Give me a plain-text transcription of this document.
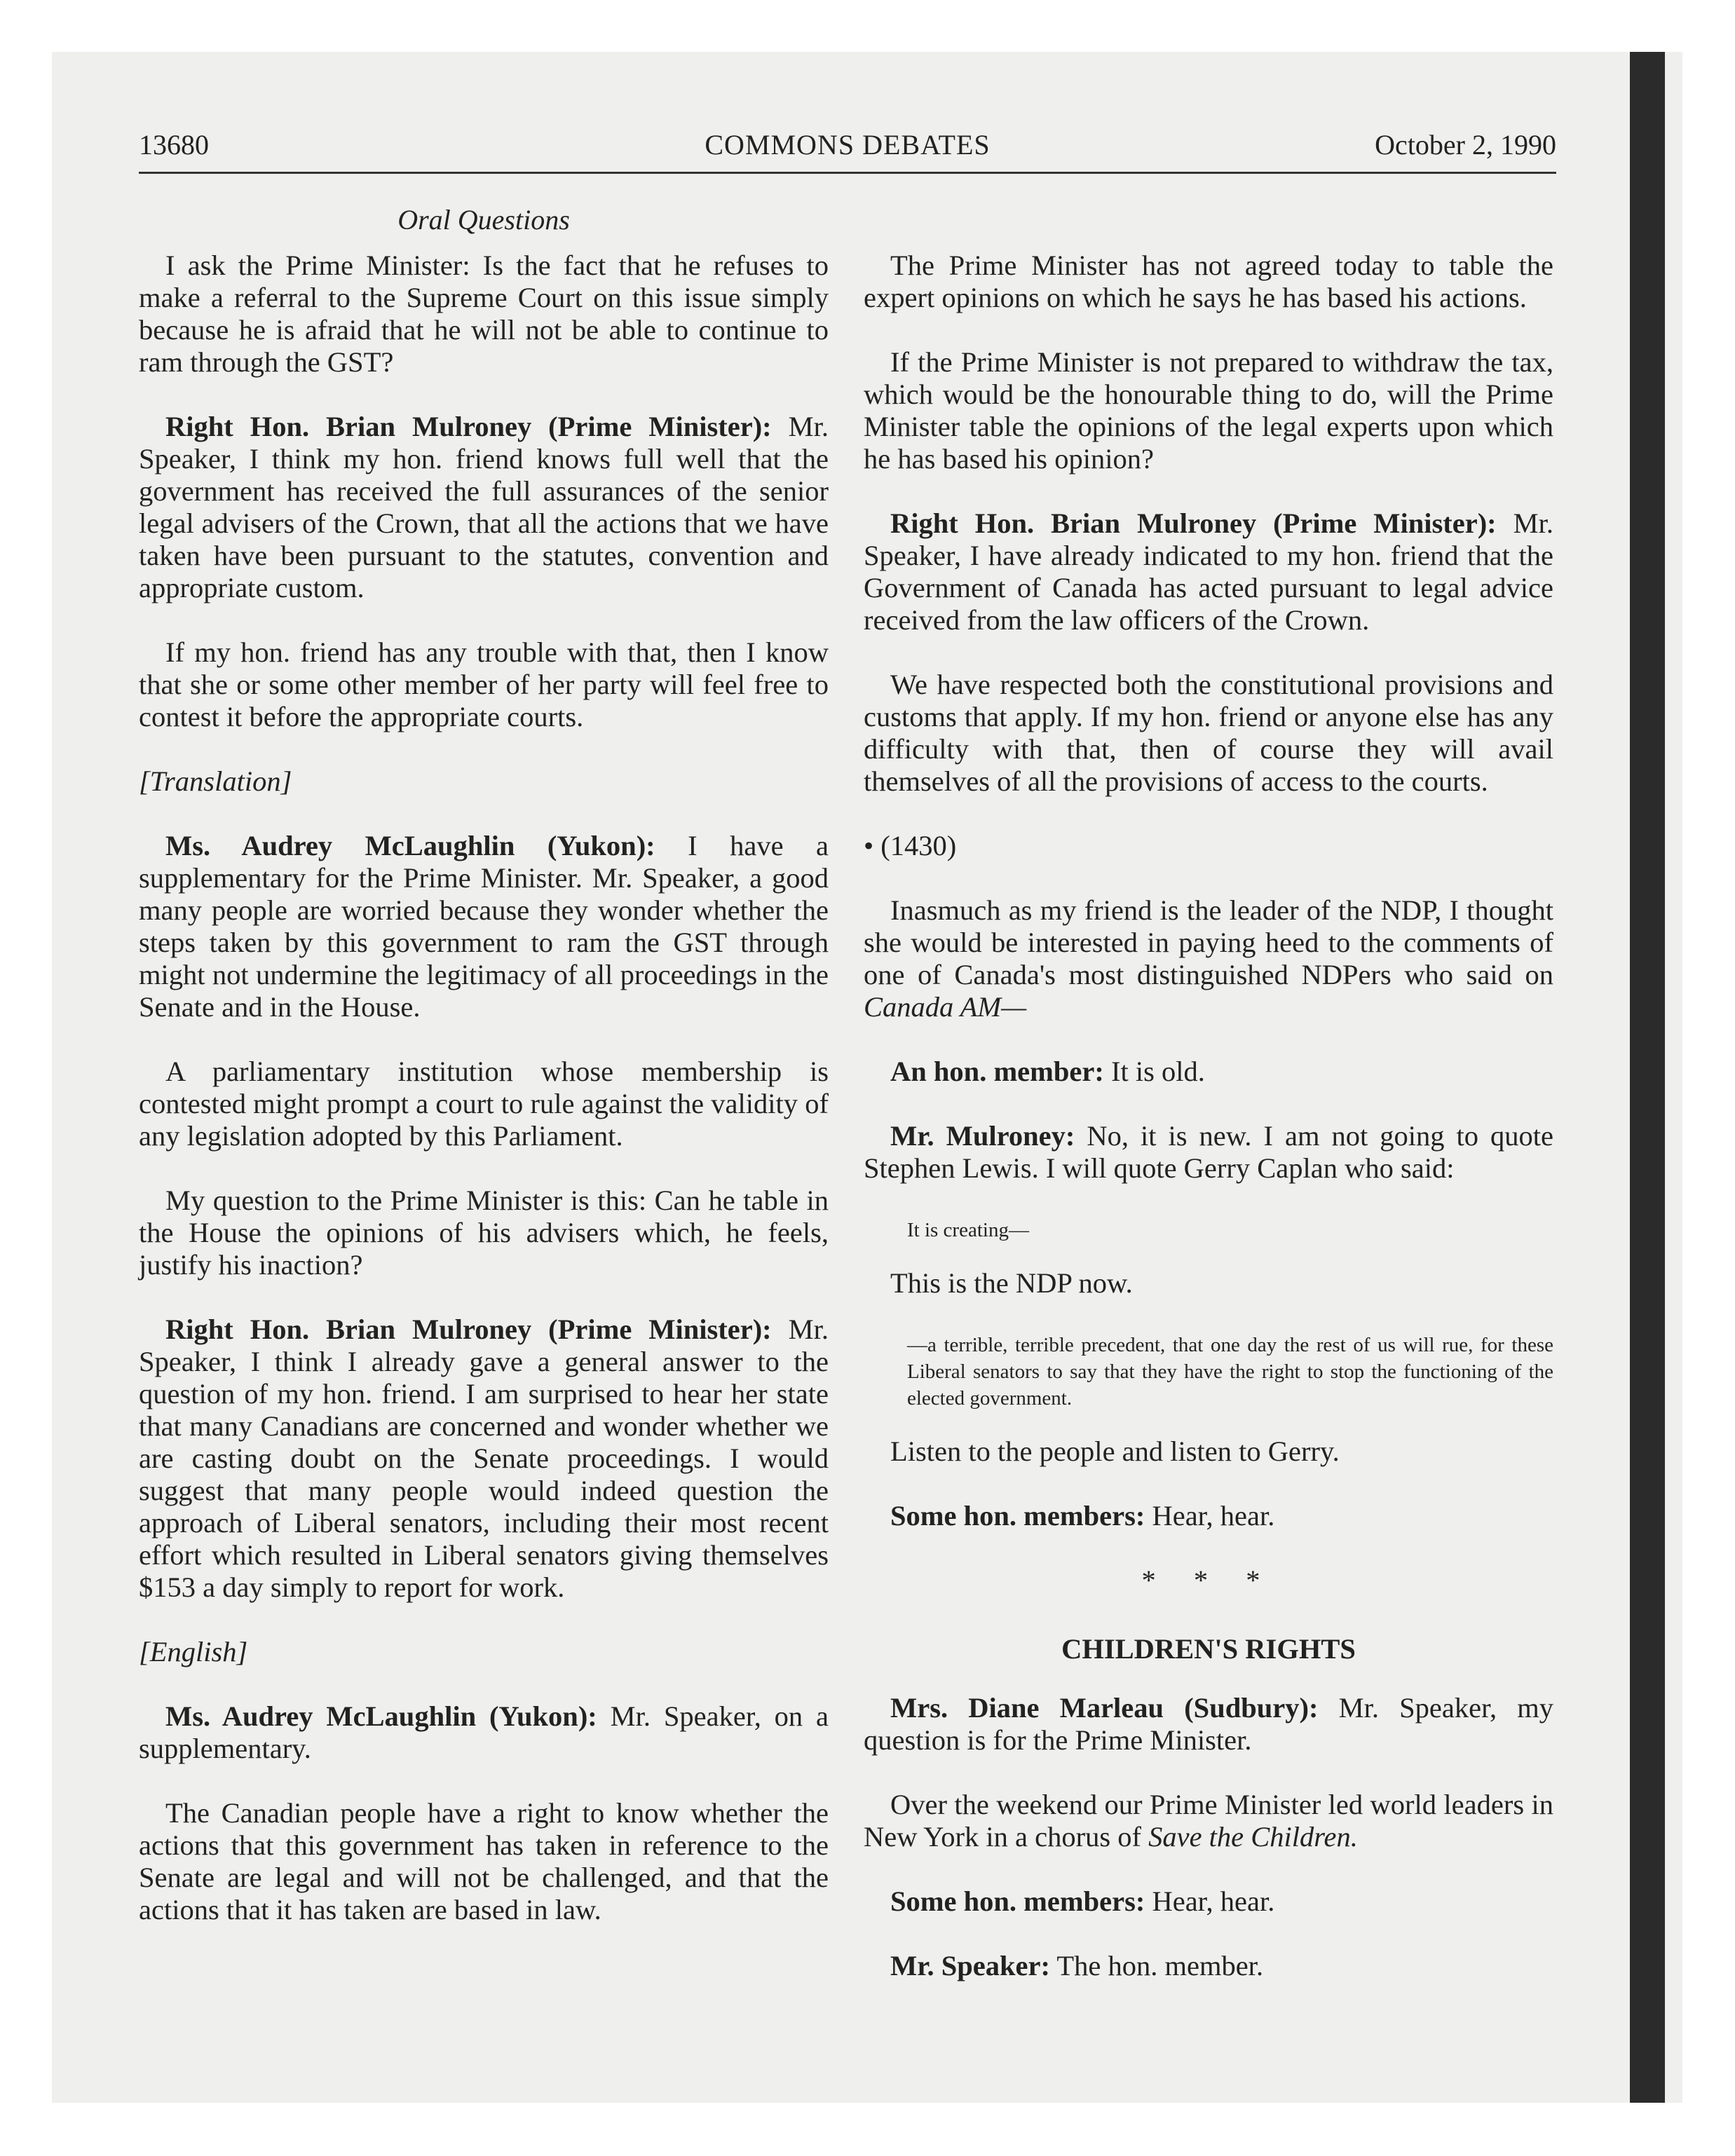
13680	COMMONS DEBATES	October 2, 1990
Oral Questions

I ask the Prime Minister: Is the fact that he refuses to make a referral to the Supreme Court on this issue simply because he is afraid that he will not be able to continue to ram through the GST?

Right Hon. Brian Mulroney (Prime Minister): Mr. Speaker, I think my hon. friend knows full well that the government has received the full assurances of the senior legal advisers of the Crown, that all the actions that we have taken have been pursuant to the statutes, convention and appropriate custom.

If my hon. friend has any trouble with that, then I know that she or some other member of her party will feel free to contest it before the appropriate courts.

[Translation]

Ms. Audrey McLaughlin (Yukon): I have a supplementary for the Prime Minister. Mr. Speaker, a good many people are worried because they wonder whether the steps taken by this government to ram the GST through might not undermine the legitimacy of all proceedings in the Senate and in the House.

A parliamentary institution whose membership is contested might prompt a court to rule against the validity of any legislation adopted by this Parliament.

My question to the Prime Minister is this: Can he table in the House the opinions of his advisers which, he feels, justify his inaction?

Right Hon. Brian Mulroney (Prime Minister): Mr. Speaker, I think I already gave a general answer to the question of my hon. friend. I am surprised to hear her state that many Canadians are concerned and wonder whether we are casting doubt on the Senate proceedings. I would suggest that many people would indeed question the approach of Liberal senators, including their most recent effort which resulted in Liberal senators giving themselves $153 a day simply to report for work.

[English]

Ms. Audrey McLaughlin (Yukon): Mr. Speaker, on a supplementary.

The Canadian people have a right to know whether the actions that this government has taken in reference to the Senate are legal and will not be challenged, and that the actions that it has taken are based in law.

The Prime Minister has not agreed today to table the expert opinions on which he says he has based his actions.

If the Prime Minister is not prepared to withdraw the tax, which would be the honourable thing to do, will the Prime Minister table the opinions of the legal experts upon which he has based his opinion?

Right Hon. Brian Mulroney (Prime Minister): Mr. Speaker, I have already indicated to my hon. friend that the Government of Canada has acted pursuant to legal advice received from the law officers of the Crown.

We have respected both the constitutional provisions and customs that apply. If my hon. friend or anyone else has any difficulty with that, then of course they will avail themselves of all the provisions of access to the courts.

• (1430)

Inasmuch as my friend is the leader of the NDP, I thought she would be interested in paying heed to the comments of one of Canada's most distinguished NDPers who said on Canada AM—

An hon. member: It is old.

Mr. Mulroney: No, it is new. I am not going to quote Stephen Lewis. I will quote Gerry Caplan who said:

It is creating—

This is the NDP now.

—a terrible, terrible precedent, that one day the rest of us will rue, for these Liberal senators to say that they have the right to stop the functioning of the elected government.

Listen to the people and listen to Gerry.

Some hon. members: Hear, hear.

* * *

CHILDREN'S RIGHTS

Mrs. Diane Marleau (Sudbury): Mr. Speaker, my question is for the Prime Minister.

Over the weekend our Prime Minister led world leaders in New York in a chorus of Save the Children.

Some hon. members: Hear, hear.

Mr. Speaker: The hon. member.
